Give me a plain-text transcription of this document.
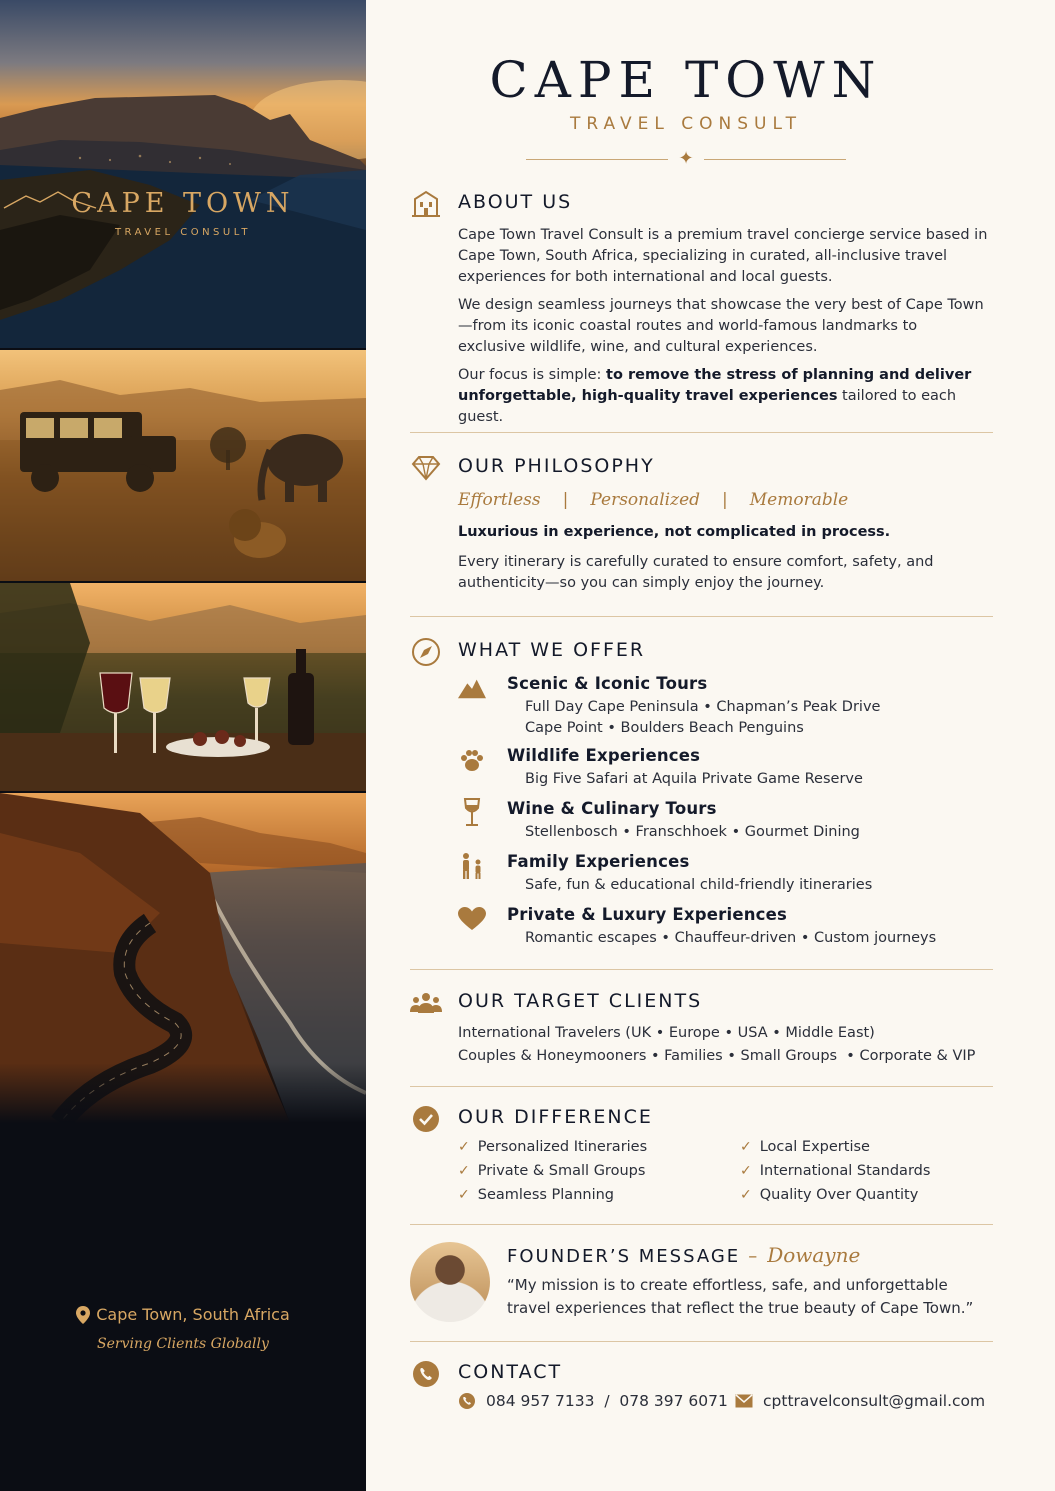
CAPE TOWN
TRAVEL CONSULT
Cape Town, South Africa
Serving Clients Globally
CAPE TOWN
TRAVEL CONSULT
✦
ABOUT US

Cape Town Travel Consult is a premium travel concierge service based in Cape Town, South Africa, specializing in curated, all-inclusive travel experiences for both international and local guests.

We design seamless journeys that showcase the very best of Cape Town—from its iconic coastal routes and world-famous landmarks to exclusive wildlife, wine, and cultural experiences.

Our focus is simple: to remove the stress of planning and deliver unforgettable, high-quality travel experiences tailored to each guest.

OUR PHILOSOPHY
Effortless | Personalized | Memorable

Luxurious in experience, not complicated in process.

Every itinerary is carefully curated to ensure comfort, safety, and authenticity—so you can simply enjoy the journey.

WHAT WE OFFER
Scenic & Iconic Tours
Full Day Cape Peninsula • Chapman’s Peak Drive
Cape Point • Boulders Beach Penguins
Wildlife Experiences
Big Five Safari at Aquila Private Game Reserve
Wine & Culinary Tours
Stellenbosch • Franschhoek • Gourmet Dining
Family Experiences
Safe, fun & educational child-friendly itineraries
Private & Luxury Experiences
Romantic escapes • Chauffeur-driven • Custom journeys
OUR TARGET CLIENTS
International Travelers (UK • Europe • USA • Middle East)
Couples & Honeymooners • Families • Small Groups  • Corporate & VIP
OUR DIFFERENCE
✓ Personalized Itineraries
✓ Private & Small Groups
✓ Seamless Planning
✓ Local Expertise
✓ International Standards
✓ Quality Over Quantity
FOUNDER’S MESSAGE – Dowayne
“My mission is to create effortless, safe, and unforgettable travel experiences that reflect the true beauty of Cape Town.”
CONTACT
084 957 7133  /  078 397 6071 cpttravelconsult@gmail.com
